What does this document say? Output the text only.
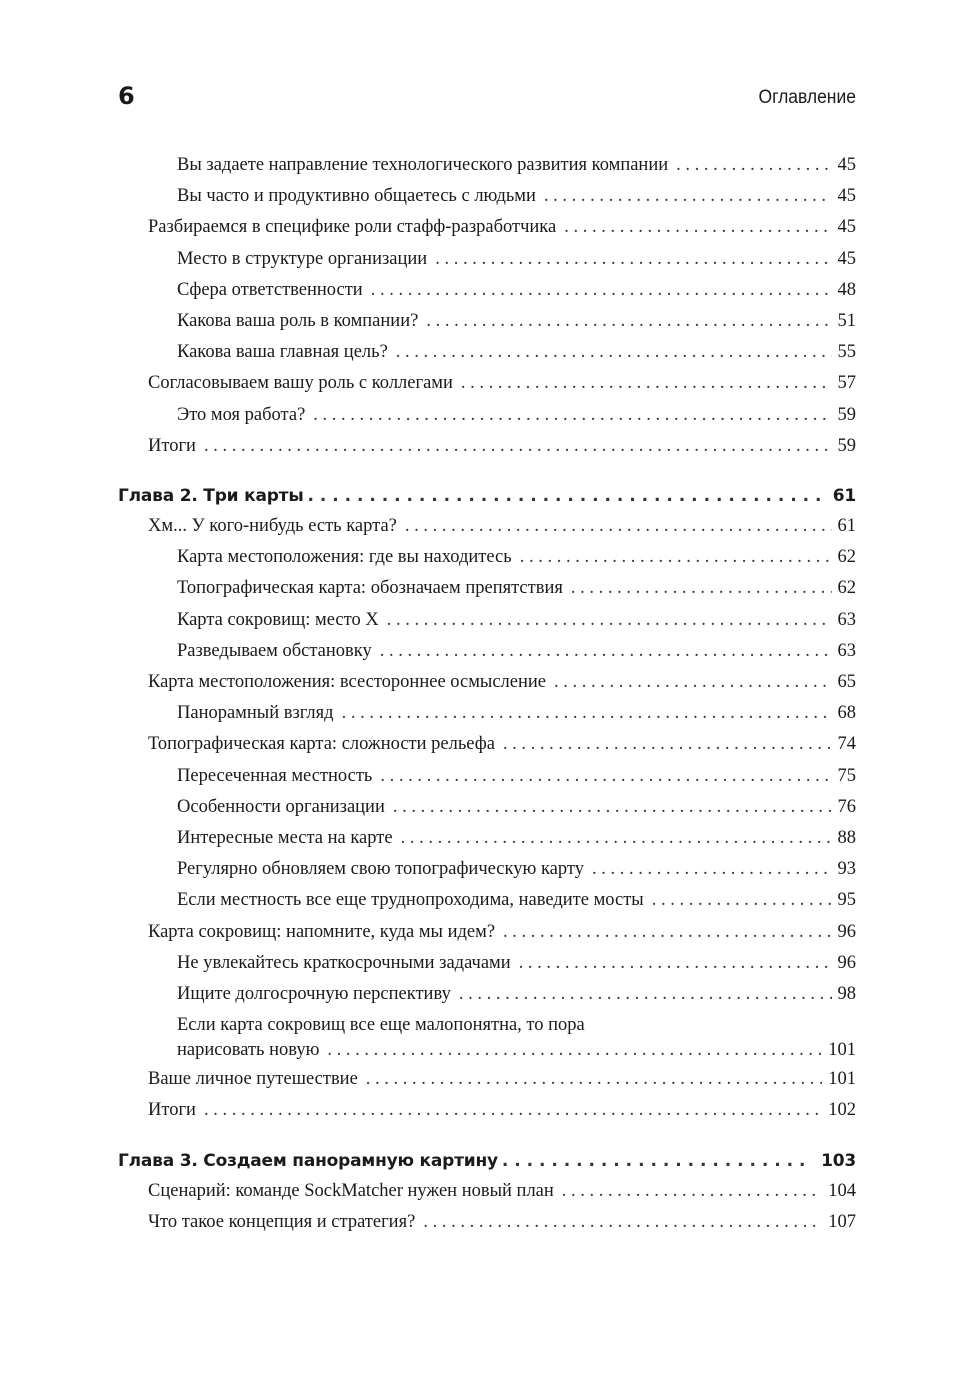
6	Оглавление
Вы задаете направление технологического развития компании . . .	45
Вы часто и продуктивно общаетесь с людьми . . .	45
Разбираемся в специфике роли стафф-разработчика . . .	45
Место в структуре организации . . .	45
Сфера ответственности . . .	48
Какова ваша роль в компании? . . .	51
Какова ваша главная цель? . . .	55
Согласовываем вашу роль с коллегами . . .	57
Это моя работа? . . .	59
Итоги . . .	59
Глава 2. Три карты . . .	61
Хм... У кого-нибудь есть карта? . . .	61
Карта местоположения: где вы находитесь . . .	62
Топографическая карта: обозначаем препятствия . . .	62
Карта сокровищ: место X . . .	63
Разведываем обстановку . . .	63
Карта местоположения: всестороннее осмысление . . .	65
Панорамный взгляд . . .	68
Топографическая карта: сложности рельефа . . .	74
Пересеченная местность . . .	75
Особенности организации . . .	76
Интересные места на карте . . .	88
Регулярно обновляем свою топографическую карту . . .	93
Если местность все еще труднопроходима, наведите мосты . . .	95
Карта сокровищ: напомните, куда мы идем? . . .	96
Не увлекайтесь краткосрочными задачами . . .	96
Ищите долгосрочную перспективу . . .	98
Если карта сокровищ все еще малопонятна, то пора
нарисовать новую . . .	101
Ваше личное путешествие . . .	101
Итоги . . .	102
Глава 3. Создаем панорамную картину . . .	103
Сценарий: команде SockMatcher нужен новый план . . .	104
Что такое концепция и стратегия? . . .	107
